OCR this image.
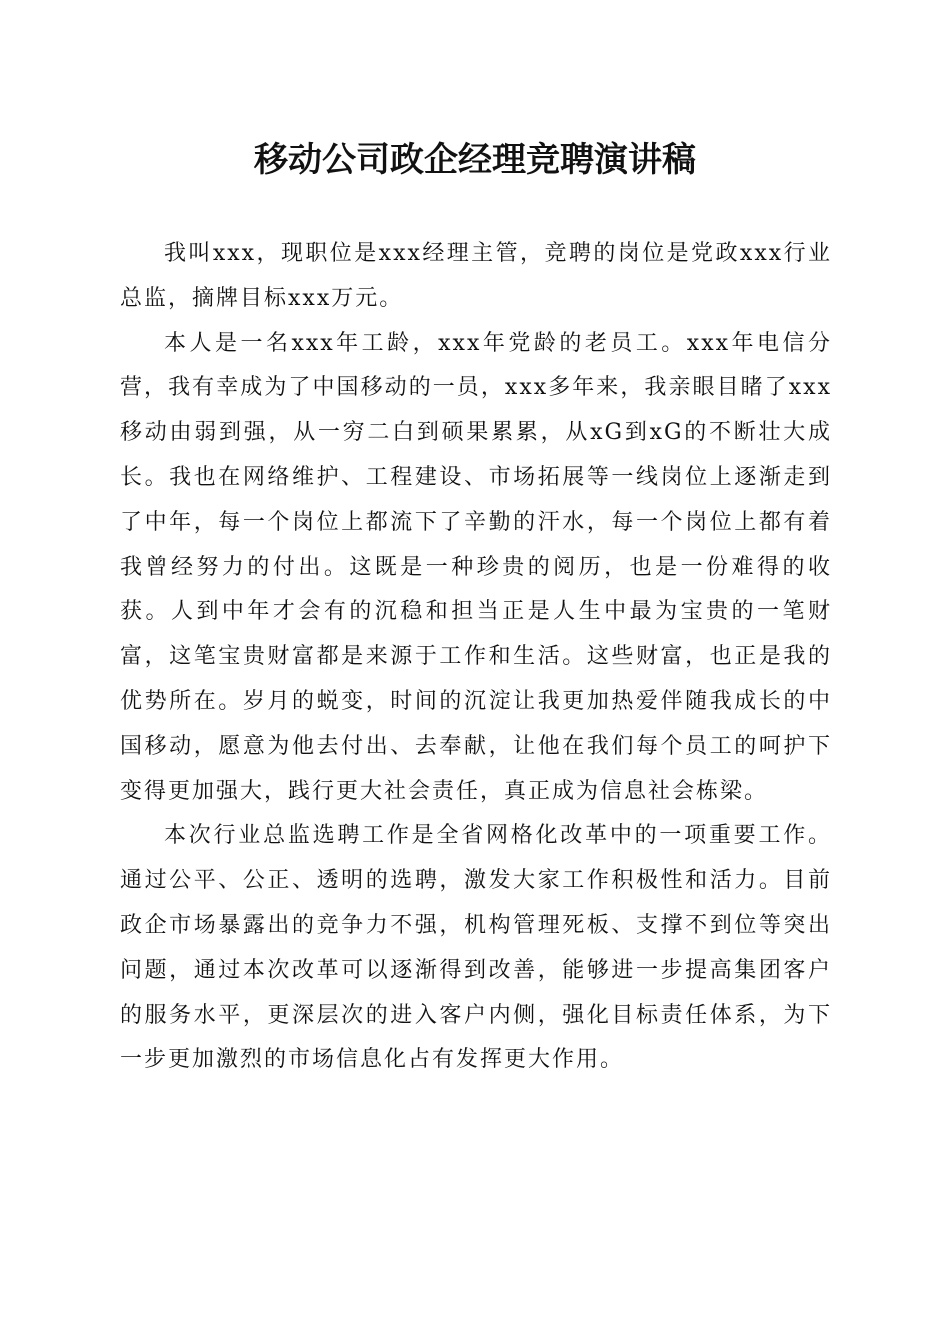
移动公司政企经理竞聘演讲稿

我叫xxx，现职位是xxx经理主管，竞聘的岗位是党政xxx行业总监，摘牌目标xxx万元。

本人是一名xxx年工龄，xxx年党龄的老员工。xxx年电信分营，我有幸成为了中国移动的一员，xxx多年来，我亲眼目睹了xxx移动由弱到强，从一穷二白到硕果累累，从xG到xG的不断壮大成长。我也在网络维护、工程建设、市场拓展等一线岗位上逐渐走到了中年，每一个岗位上都流下了辛勤的汗水，每一个岗位上都有着我曾经努力的付出。这既是一种珍贵的阅历，也是一份难得的收获。人到中年才会有的沉稳和担当正是人生中最为宝贵的一笔财富，这笔宝贵财富都是来源于工作和生活。这些财富，也正是我的优势所在。岁月的蜕变，时间的沉淀让我更加热爱伴随我成长的中国移动，愿意为他去付出、去奉献，让他在我们每个员工的呵护下变得更加强大，践行更大社会责任，真正成为信息社会栋梁。

本次行业总监选聘工作是全省网格化改革中的一项重要工作。通过公平、公正、透明的选聘，激发大家工作积极性和活力。目前政企市场暴露出的竞争力不强，机构管理死板、支撑不到位等突出问题，通过本次改革可以逐渐得到改善，能够进一步提高集团客户的服务水平，更深层次的进入客户内侧，强化目标责任体系，为下一步更加激烈的市场信息化占有发挥更大作用。
